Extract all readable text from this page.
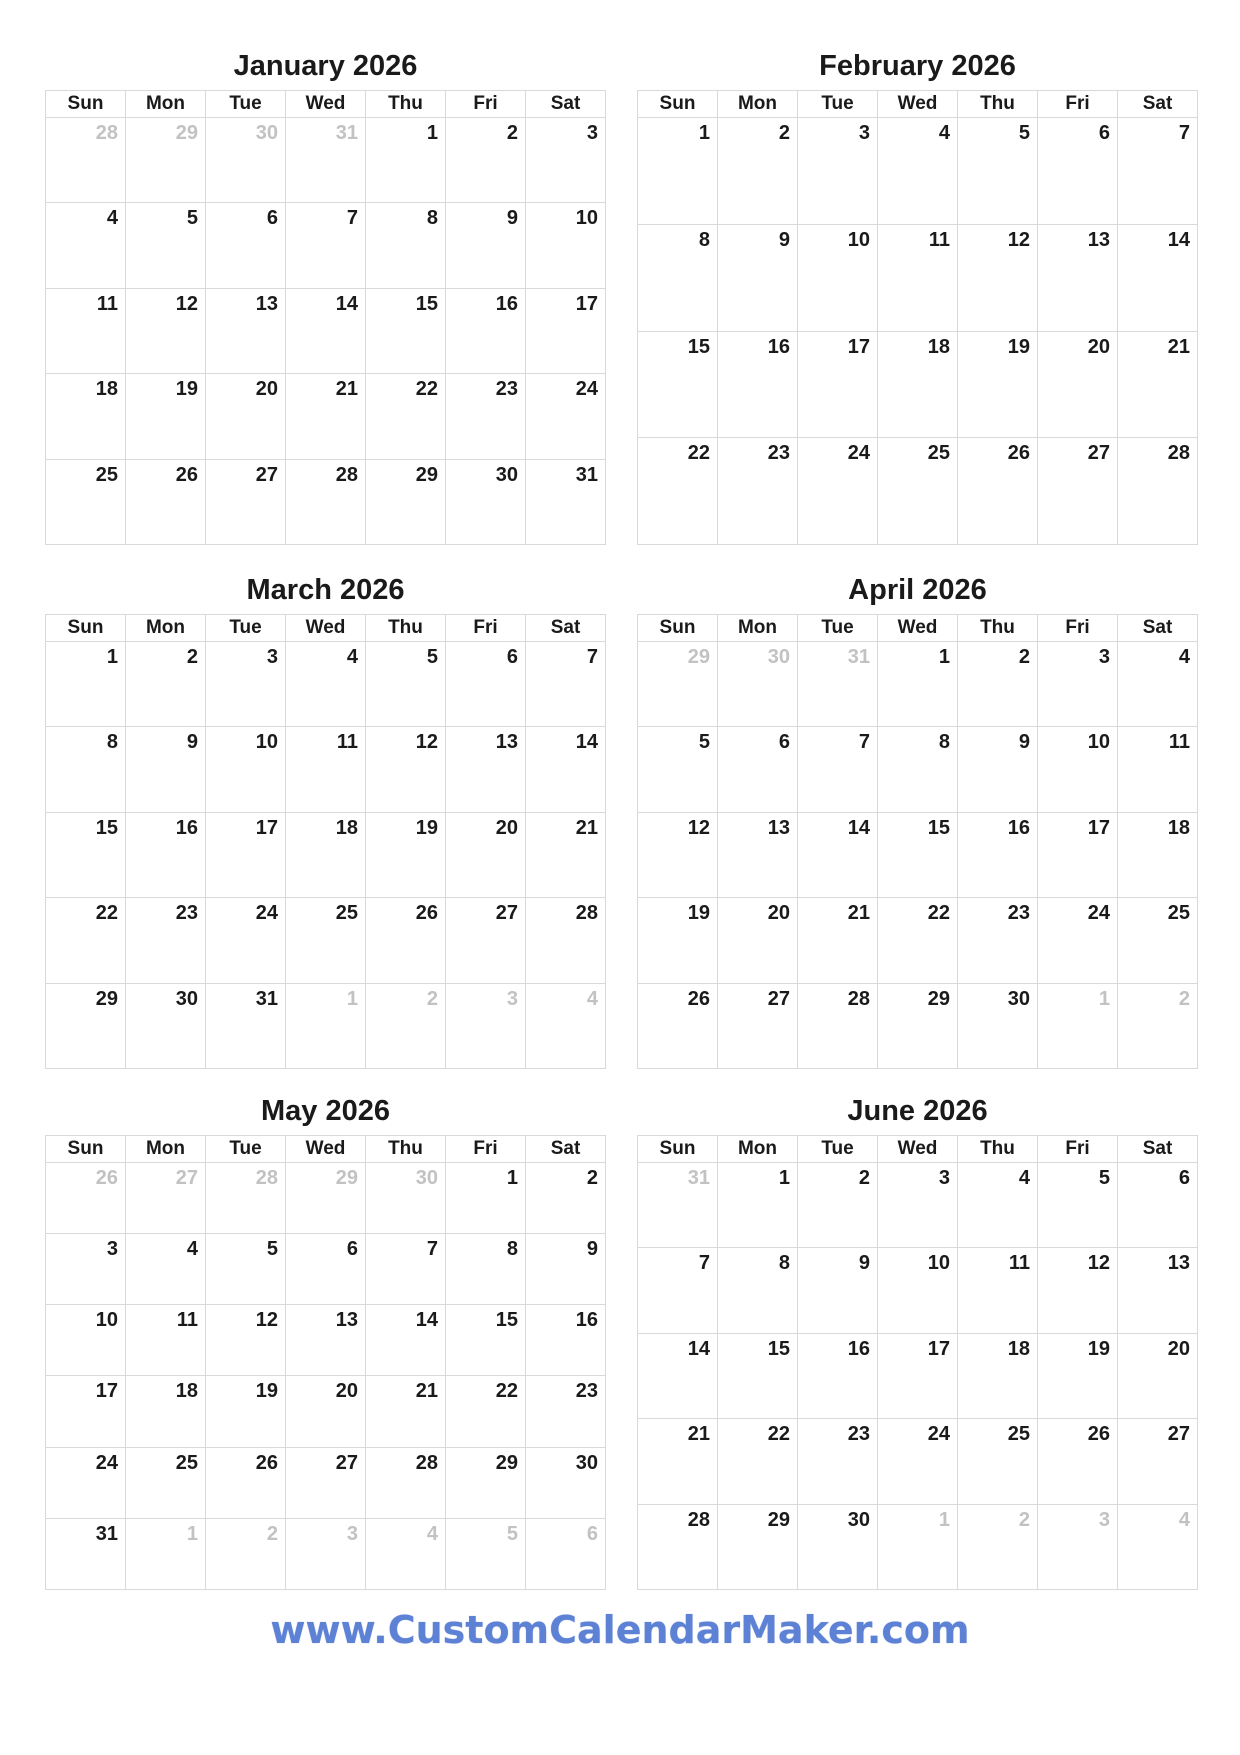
January 2026
Sun	Mon	Tue	Wed	Thu	Fri	Sat
28	29	30	31	1	2	3
4	5	6	7	8	9	10
11	12	13	14	15	16	17
18	19	20	21	22	23	24
25	26	27	28	29	30	31
February 2026
Sun	Mon	Tue	Wed	Thu	Fri	Sat
1	2	3	4	5	6	7
8	9	10	11	12	13	14
15	16	17	18	19	20	21
22	23	24	25	26	27	28
March 2026
Sun	Mon	Tue	Wed	Thu	Fri	Sat
1	2	3	4	5	6	7
8	9	10	11	12	13	14
15	16	17	18	19	20	21
22	23	24	25	26	27	28
29	30	31	1	2	3	4
April 2026
Sun	Mon	Tue	Wed	Thu	Fri	Sat
29	30	31	1	2	3	4
5	6	7	8	9	10	11
12	13	14	15	16	17	18
19	20	21	22	23	24	25
26	27	28	29	30	1	2
May 2026
Sun	Mon	Tue	Wed	Thu	Fri	Sat
26	27	28	29	30	1	2
3	4	5	6	7	8	9
10	11	12	13	14	15	16
17	18	19	20	21	22	23
24	25	26	27	28	29	30
31	1	2	3	4	5	6
June 2026
Sun	Mon	Tue	Wed	Thu	Fri	Sat
31	1	2	3	4	5	6
7	8	9	10	11	12	13
14	15	16	17	18	19	20
21	22	23	24	25	26	27
28	29	30	1	2	3	4
www.CustomCalendarMaker.com
